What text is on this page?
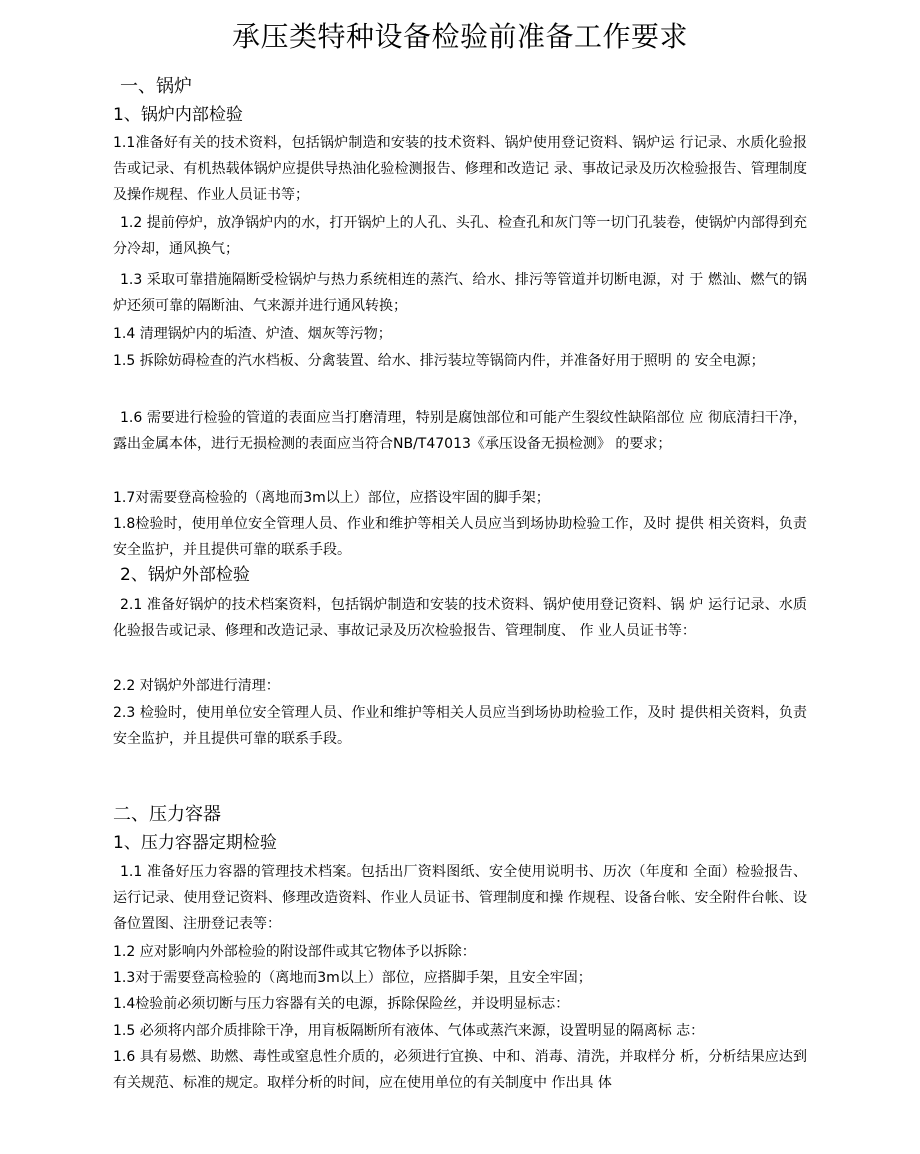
承压类特种设备检验前准备工作要求
一、锅炉
1、锅炉内部检验

1.1准备好有关的技术资料，包括锅炉制造和安装的技术资料、锅炉使用登记资料、锅炉运 行记录、水质化验报告或记录、有机热载体锅炉应提供导热油化验检测报告、修理和改造记 录、事故记录及历次检验报告、管理制度及操作规程、作业人员证书等；

1.2 提前停炉，放净锅炉内的水，打开锅炉上的人孔、头孔、检查孔和灰门等一切门孔装卷，使锅炉内部得到充分冷却，通风换气；

1.3 采取可靠措施隔断受检锅炉与热力系统相连的蒸汽、给水、排污等管道并切断电源，对 于 燃汕、燃气的锅炉还须可靠的隔断油、气来源并进行通风转换；

1.4 清理锅炉内的垢渣、炉渣、烟灰等污物；

1.5 拆除妨碍检查的汽水档板、分禽装置、给水、排污装垃等锅筒内件，并准备好用于照明 的 安全电源；

1.6 需要进行检验的管道的表面应当打磨清理，特别是腐蚀部位和可能产生裂纹性缺陷部位 应 彻底清扫干净，露出金属本体，进行无损检测的表面应当符合NB/T47013《承压设备无损检测》 的要求；

1.7对需要登高检验的（离地而3m以上）部位，应搭设牢固的脚手架；

1.8检验时，使用单位安全管理人员、作业和维护等相关人员应当到场协助检验工作，及时 提供 相关资料，负责安全监护，并且提供可靠的联系手段。

2、锅炉外部检验

2.1 准备好锅炉的技术档案资料，包括锅炉制造和安装的技术资料、锅炉使用登记资料、锅 炉 运行记录、水质化验报告或记录、修理和改造记录、事故记录及历次检验报告、管理制度、 作 业人员证书等：

2.2 对锅炉外部进行清理：

2.3 检验时，使用单位安全管理人员、作业和维护等相关人员应当到场协助检验工作，及时 提供相关资料，负责安全监护，并且提供可靠的联系手段。

二、压力容器
1、压力容器定期检验

1.1 准备好压力容器的管理技术档案。包括出厂资料图纸、安全使用说明书、历次（年度和 全面）检验报告、运行记录、使用登记资料、修理改造资料、作业人员证书、管理制度和操 作规程、设备台帐、安全附件台帐、设备位置图、注册登记表等：

1.2 应对影响内外部检验的附设部件或其它物体予以拆除：

1.3对于需要登高检验的（离地而3m以上）部位，应搭脚手架，且安全牢固；

1.4检验前必须切断与压力容器有关的电源，拆除保险丝，并设明显标志：

1.5 必须将内部介质排除干净，用肓板隔断所有液体、气体或蒸汽来源，设置明显的隔离标 志：

1.6 具有易燃、助燃、毒性或窒息性介质的，必须进行宜换、中和、消毒、清洗，并取样分 析，分析结果应达到有关规范、标准的规定。取样分析的时间，应在使用单位的有关制度中 作出具 体
